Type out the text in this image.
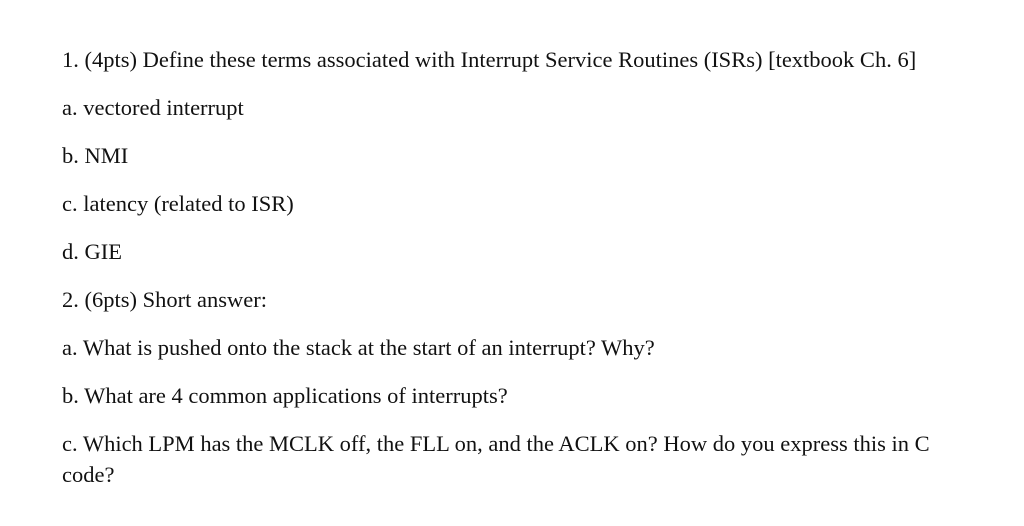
1. (4pts) Define these terms associated with Interrupt Service Routines (ISRs) [textbook Ch. 6]

a. vectored interrupt

b. NMI

c. latency (related to ISR)

d. GIE

2. (6pts) Short answer:

a. What is pushed onto the stack at the start of an interrupt? Why?

b. What are 4 common applications of interrupts?

c. Which LPM has the MCLK off, the FLL on, and the ACLK on? How do you express this in C code?
